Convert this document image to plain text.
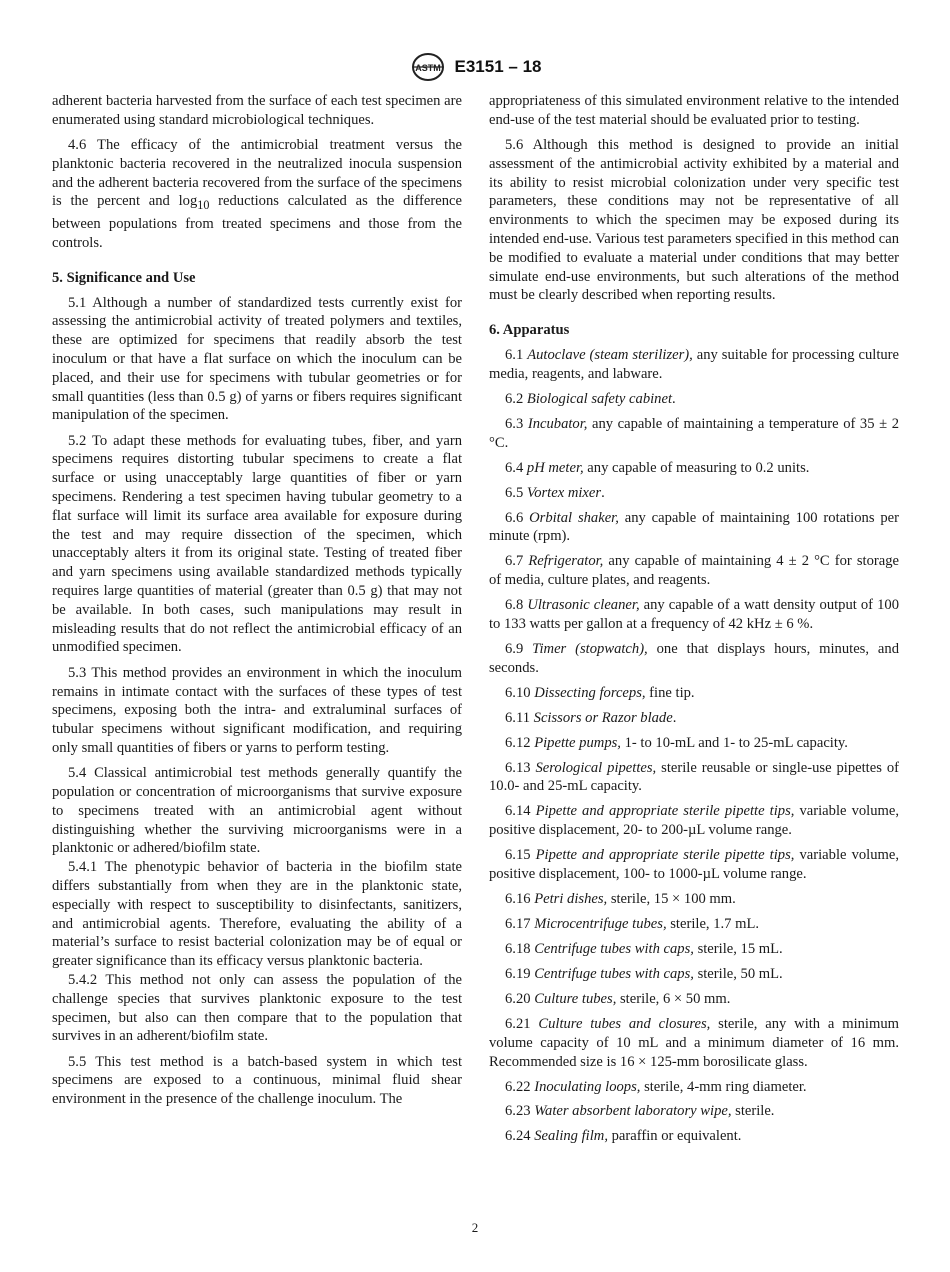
ASTM E3151 – 18

adherent bacteria harvested from the surface of each test specimen are enumerated using standard microbiological techniques.

4.6 The efficacy of the antimicrobial treatment versus the planktonic bacteria recovered in the neutralized inocula suspension and the adherent bacteria recovered from the surface of the specimens is the percent and $\log_{10}$ reductions calculated as the difference between populations from treated specimens and those from the controls.

5. Significance and Use

5.1 Although a number of standardized tests currently exist for assessing the antimicrobial activity of treated polymers and textiles, these are optimized for specimens that readily absorb the test inoculum or that have a flat surface on which the inoculum can be placed, and their use for specimens with tubular geometries or for small quantities (less than 0.5 g) of yarns or fibers requires significant manipulation of the specimen.

5.2 To adapt these methods for evaluating tubes, fiber, and yarn specimens requires distorting tubular specimens to create a flat surface or using unacceptably large quantities of fiber or yarn specimens. Rendering a test specimen having tubular geometry to a flat surface will limit its surface area available for exposure during the test and may require dissection of the specimen, which unacceptably alters it from its original state. Testing of treated fiber and yarn specimens using available standardized methods typically requires large quantities of material (greater than 0.5 g) that may not be available. In both cases, such manipulations may result in misleading results that do not reflect the antimicrobial efficacy of an unmodified specimen.

5.3 This method provides an environment in which the inoculum remains in intimate contact with the surfaces of these types of test specimens, exposing both the intra- and extraluminal surfaces of tubular specimens without significant modification, and requiring only small quantities of fibers or yarns to perform testing.

5.4 Classical antimicrobial test methods generally quantify the population or concentration of microorganisms that survive exposure to specimens treated with an antimicrobial agent without distinguishing whether the surviving microorganisms were in a planktonic or adhered/biofilm state.

5.4.1 The phenotypic behavior of bacteria in the biofilm state differs substantially from when they are in the planktonic state, especially with respect to susceptibility to disinfectants, sanitizers, and antimicrobial agents. Therefore, evaluating the ability of a material’s surface to resist bacterial colonization may be of equal or greater significance than its efficacy versus planktonic bacteria.

5.4.2 This method not only can assess the population of the challenge species that survives planktonic exposure to the test specimen, but also can then compare that to the population that survives in an adherent/biofilm state.

5.5 This test method is a batch-based system in which test specimens are exposed to a continuous, minimal fluid shear environment in the presence of the challenge inoculum. The

appropriateness of this simulated environment relative to the intended end-use of the test material should be evaluated prior to testing.

5.6 Although this method is designed to provide an initial assessment of the antimicrobial activity exhibited by a material and its ability to resist microbial colonization under very specific test parameters, these conditions may not be representative of all environments to which the specimen may be exposed during its intended end-use. Various test parameters specified in this method can be modified to evaluate a material under conditions that may better simulate end-use environments, but such alterations of the method must be clearly described when reporting results.

6. Apparatus

6.1 Autoclave (steam sterilizer), any suitable for processing culture media, reagents, and labware.

6.2 Biological safety cabinet.

6.3 Incubator, any capable of maintaining a temperature of 35 ± 2 °C.

6.4 pH meter, any capable of measuring to 0.2 units.

6.5 Vortex mixer.

6.6 Orbital shaker, any capable of maintaining 100 rotations per minute (rpm).

6.7 Refrigerator, any capable of maintaining 4 ± 2 °C for storage of media, culture plates, and reagents.

6.8 Ultrasonic cleaner, any capable of a watt density output of 100 to 133 watts per gallon at a frequency of 42 kHz ± 6 %.

6.9 Timer (stopwatch), one that displays hours, minutes, and seconds.

6.10 Dissecting forceps, fine tip.

6.11 Scissors or Razor blade.

6.12 Pipette pumps, 1- to 10-mL and 1- to 25-mL capacity.

6.13 Serological pipettes, sterile reusable or single-use pipettes of 10.0- and 25-mL capacity.

6.14 Pipette and appropriate sterile pipette tips, variable volume, positive displacement, 20- to 200-µL volume range.

6.15 Pipette and appropriate sterile pipette tips, variable volume, positive displacement, 100- to 1000-µL volume range.

6.16 Petri dishes, sterile, 15 × 100 mm.

6.17 Microcentrifuge tubes, sterile, 1.7 mL.

6.18 Centrifuge tubes with caps, sterile, 15 mL.

6.19 Centrifuge tubes with caps, sterile, 50 mL.

6.20 Culture tubes, sterile, 6 × 50 mm.

6.21 Culture tubes and closures, sterile, any with a minimum volume capacity of 10 mL and a minimum diameter of 16 mm. Recommended size is 16 × 125-mm borosilicate glass.

6.22 Inoculating loops, sterile, 4-mm ring diameter.

6.23 Water absorbent laboratory wipe, sterile.

6.24 Sealing film, paraffin or equivalent.

2
